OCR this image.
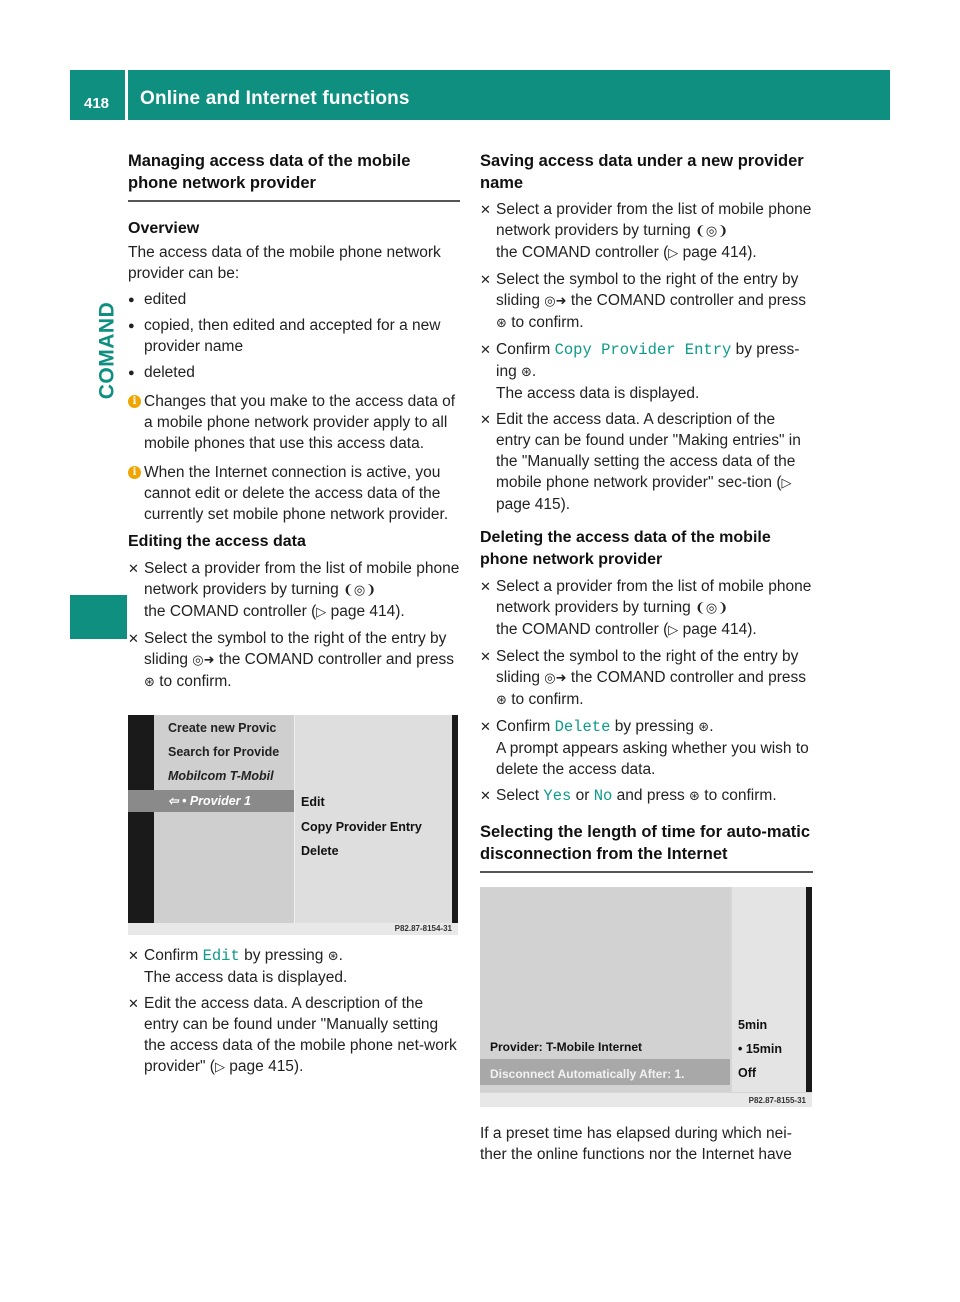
418 Online and Internet functions
COMAND
Managing access data of the mobile phone network provider
Overview

The access data of the mobile phone network provider can be:

● edited
● copied, then edited and accepted for a new provider name
● deleted
i Changes that you make to the access data of a mobile phone network provider apply to all mobile phones that use this access data.
i When the Internet connection is active, you cannot edit or delete the access data of the currently set mobile phone network provider.
Editing the access data
✕ Select a provider from the list of mobile phone network providers by turning ❨◎❩
the COMAND controller (▷ page 414).
✕ Select the symbol to the right of the entry by sliding ◎➜ the COMAND controller and press ⊛ to confirm.
Create new Provic
Search for Provide
Mobilcom T-Mobil
⇦ • Provider 1	Edit
Copy Provider Entry
Delete
P82.87-8154-31
✕ Confirm Edit by pressing ⊛.
The access data is displayed.
✕ Edit the access data. A description of the entry can be found under "Manually setting the access data of the mobile phone net-work provider" (▷ page 415).
Saving access data under a new provider name
✕ Select a provider from the list of mobile phone network providers by turning ❨◎❩
the COMAND controller (▷ page 414).
✕ Select the symbol to the right of the entry by sliding ◎➜ the COMAND controller and press ⊛ to confirm.
✕ Confirm Copy Provider Entry by press-ing ⊛.
The access data is displayed.
✕ Edit the access data. A description of the entry can be found under "Making entries" in the "Manually setting the access data of the mobile phone network provider" sec-tion (▷ page 415).
Deleting the access data of the mobile phone network provider
✕ Select a provider from the list of mobile phone network providers by turning ❨◎❩
the COMAND controller (▷ page 414).
✕ Select the symbol to the right of the entry by sliding ◎➜ the COMAND controller and press ⊛ to confirm.
✕ Confirm Delete by pressing ⊛.
A prompt appears asking whether you wish to delete the access data.
✕ Select Yes or No and press ⊛ to confirm.
Selecting the length of time for auto-matic disconnection from the Internet
Provider: T-Mobile Internet
Disconnect Automatically After: 1.
5min
• 15min
Off
P82.87-8155-31

If a preset time has elapsed during which nei-ther the online functions nor the Internet have
